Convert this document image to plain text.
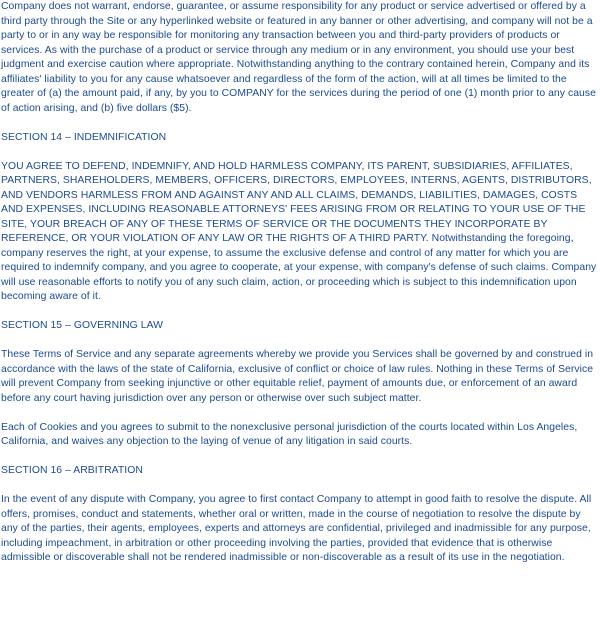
Company does not warrant, endorse, guarantee, or assume responsibility for any product or service advertised or offered by a third party through the Site or any hyperlinked website or featured in any banner or other advertising, and company will not be a party to or in any way be responsible for monitoring any transaction between you and third-party providers of products or services. As with the purchase of a product or service through any medium or in any environment, you should use your best judgment and exercise caution where appropriate. Notwithstanding anything to the contrary contained herein, Company and its affiliates' liability to you for any cause whatsoever and regardless of the form of the action, will at all times be limited to the greater of (a) the amount paid, if any, by you to COMPANY for the services during the period of one (1) month prior to any cause of action arising, and (b) five dollars ($5).

SECTION 14 – INDEMNIFICATION

YOU AGREE TO DEFEND, INDEMNIFY, AND HOLD HARMLESS COMPANY, ITS PARENT, SUBSIDIARIES, AFFILIATES, PARTNERS, SHAREHOLDERS, MEMBERS, OFFICERS, DIRECTORS, EMPLOYEES, INTERNS, AGENTS, DISTRIBUTORS, AND VENDORS HARMLESS FROM AND AGAINST ANY AND ALL CLAIMS, DEMANDS, LIABILITIES, DAMAGES, COSTS AND EXPENSES, INCLUDING REASONABLE ATTORNEYS' FEES ARISING FROM OR RELATING TO YOUR USE OF THE SITE, YOUR BREACH OF ANY OF THESE TERMS OF SERVICE OR THE DOCUMENTS THEY INCORPORATE BY REFERENCE, OR YOUR VIOLATION OF ANY LAW OR THE RIGHTS OF A THIRD PARTY. Notwithstanding the foregoing, company reserves the right, at your expense, to assume the exclusive defense and control of any matter for which you are required to indemnify company, and you agree to cooperate, at your expense, with company's defense of such claims. Company will use reasonable efforts to notify you of any such claim, action, or proceeding which is subject to this indemnification upon becoming aware of it.

SECTION 15 – GOVERNING LAW

These Terms of Service and any separate agreements whereby we provide you Services shall be governed by and construed in accordance with the laws of the state of California, exclusive of conflict or choice of law rules. Nothing in these Terms of Service will prevent Company from seeking injunctive or other equitable relief, payment of amounts due, or enforcement of an award before any court having jurisdiction over any person or otherwise over such subject matter.

Each of Cookies and you agrees to submit to the nonexclusive personal jurisdiction of the courts located within Los Angeles, California, and waives any objection to the laying of venue of any litigation in said courts.

SECTION 16 – ARBITRATION

In the event of any dispute with Company, you agree to first contact Company to attempt in good faith to resolve the dispute. All offers, promises, conduct and statements, whether oral or written, made in the course of negotiation to resolve the dispute by any of the parties, their agents, employees, experts and attorneys are confidential, privileged and inadmissible for any purpose, including impeachment, in arbitration or other proceeding involving the parties, provided that evidence that is otherwise admissible or discoverable shall not be rendered inadmissible or non-discoverable as a result of its use in the negotiation.
